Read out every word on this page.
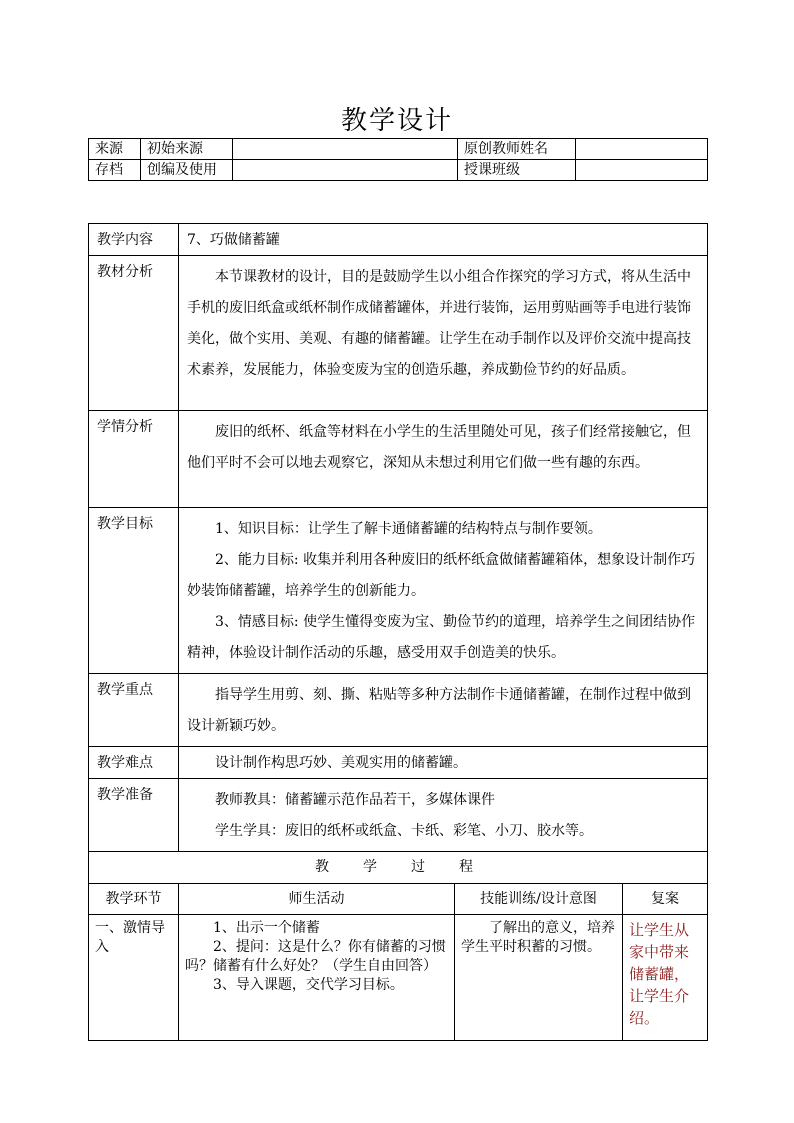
教学设计
来源	初始来源		原创教师姓名	
存档	创编及使用		授课班级	
教学内容	7、巧做储蓄罐		
教材分析	本节课教材的设计，目的是鼓励学生以小组合作探究的学习方式，将从生活中手机的废旧纸盒或纸杯制作成储蓄罐体，并进行装饰，运用剪贴画等手电进行装饰美化，做个实用、美观、有趣的储蓄罐。让学生在动手制作以及评价交流中提高技术素养，发展能力，体验变废为宝的创造乐趣，养成勤俭节约的好品质。		

学情分析	废旧的纸杯、纸盒等材料在小学生的生活里随处可见，孩子们经常接触它，但他们平时不会可以地去观察它，深知从未想过利用它们做一些有趣的东西。		

教学目标	1、知识目标：让学生了解卡通储蓄罐的结构特点与制作要领。

2、能力目标: 收集并利用各种废旧的纸杯纸盒做储蓄罐箱体，想象设计制作巧妙装饰储蓄罐，培养学生的创新能力。

3、情感目标: 使学生懂得变废为宝、勤俭节约的道理，培养学生之间团结协作精神，体验设计制作活动的乐趣，感受用双手创造美的快乐。		

教学重点	指导学生用剪、刻、撕、粘贴等多种方法制作卡通储蓄罐，在制作过程中做到设计新颖巧妙。		

教学难点	设计制作构思巧妙、美观实用的储蓄罐。		

教学准备	教师教具：储蓄罐示范作品若干，多媒体课件

学生学具：废旧的纸杯或纸盒、卡纸、彩笔、小刀、胶水等。		

教学过程			
教学环节	师生活动	技能训练/设计意图	复案
一、激情导入	1、出示一个储蓄

2、提问：这是什么？你有储蓄的习惯吗？储蓄有什么好处？（学生自由回答）

3、导入课题，交代学习目标。	了解出的意义，培养学生平时积蓄的习惯。	让学生从家中带来储蓄罐，让学生介绍。
